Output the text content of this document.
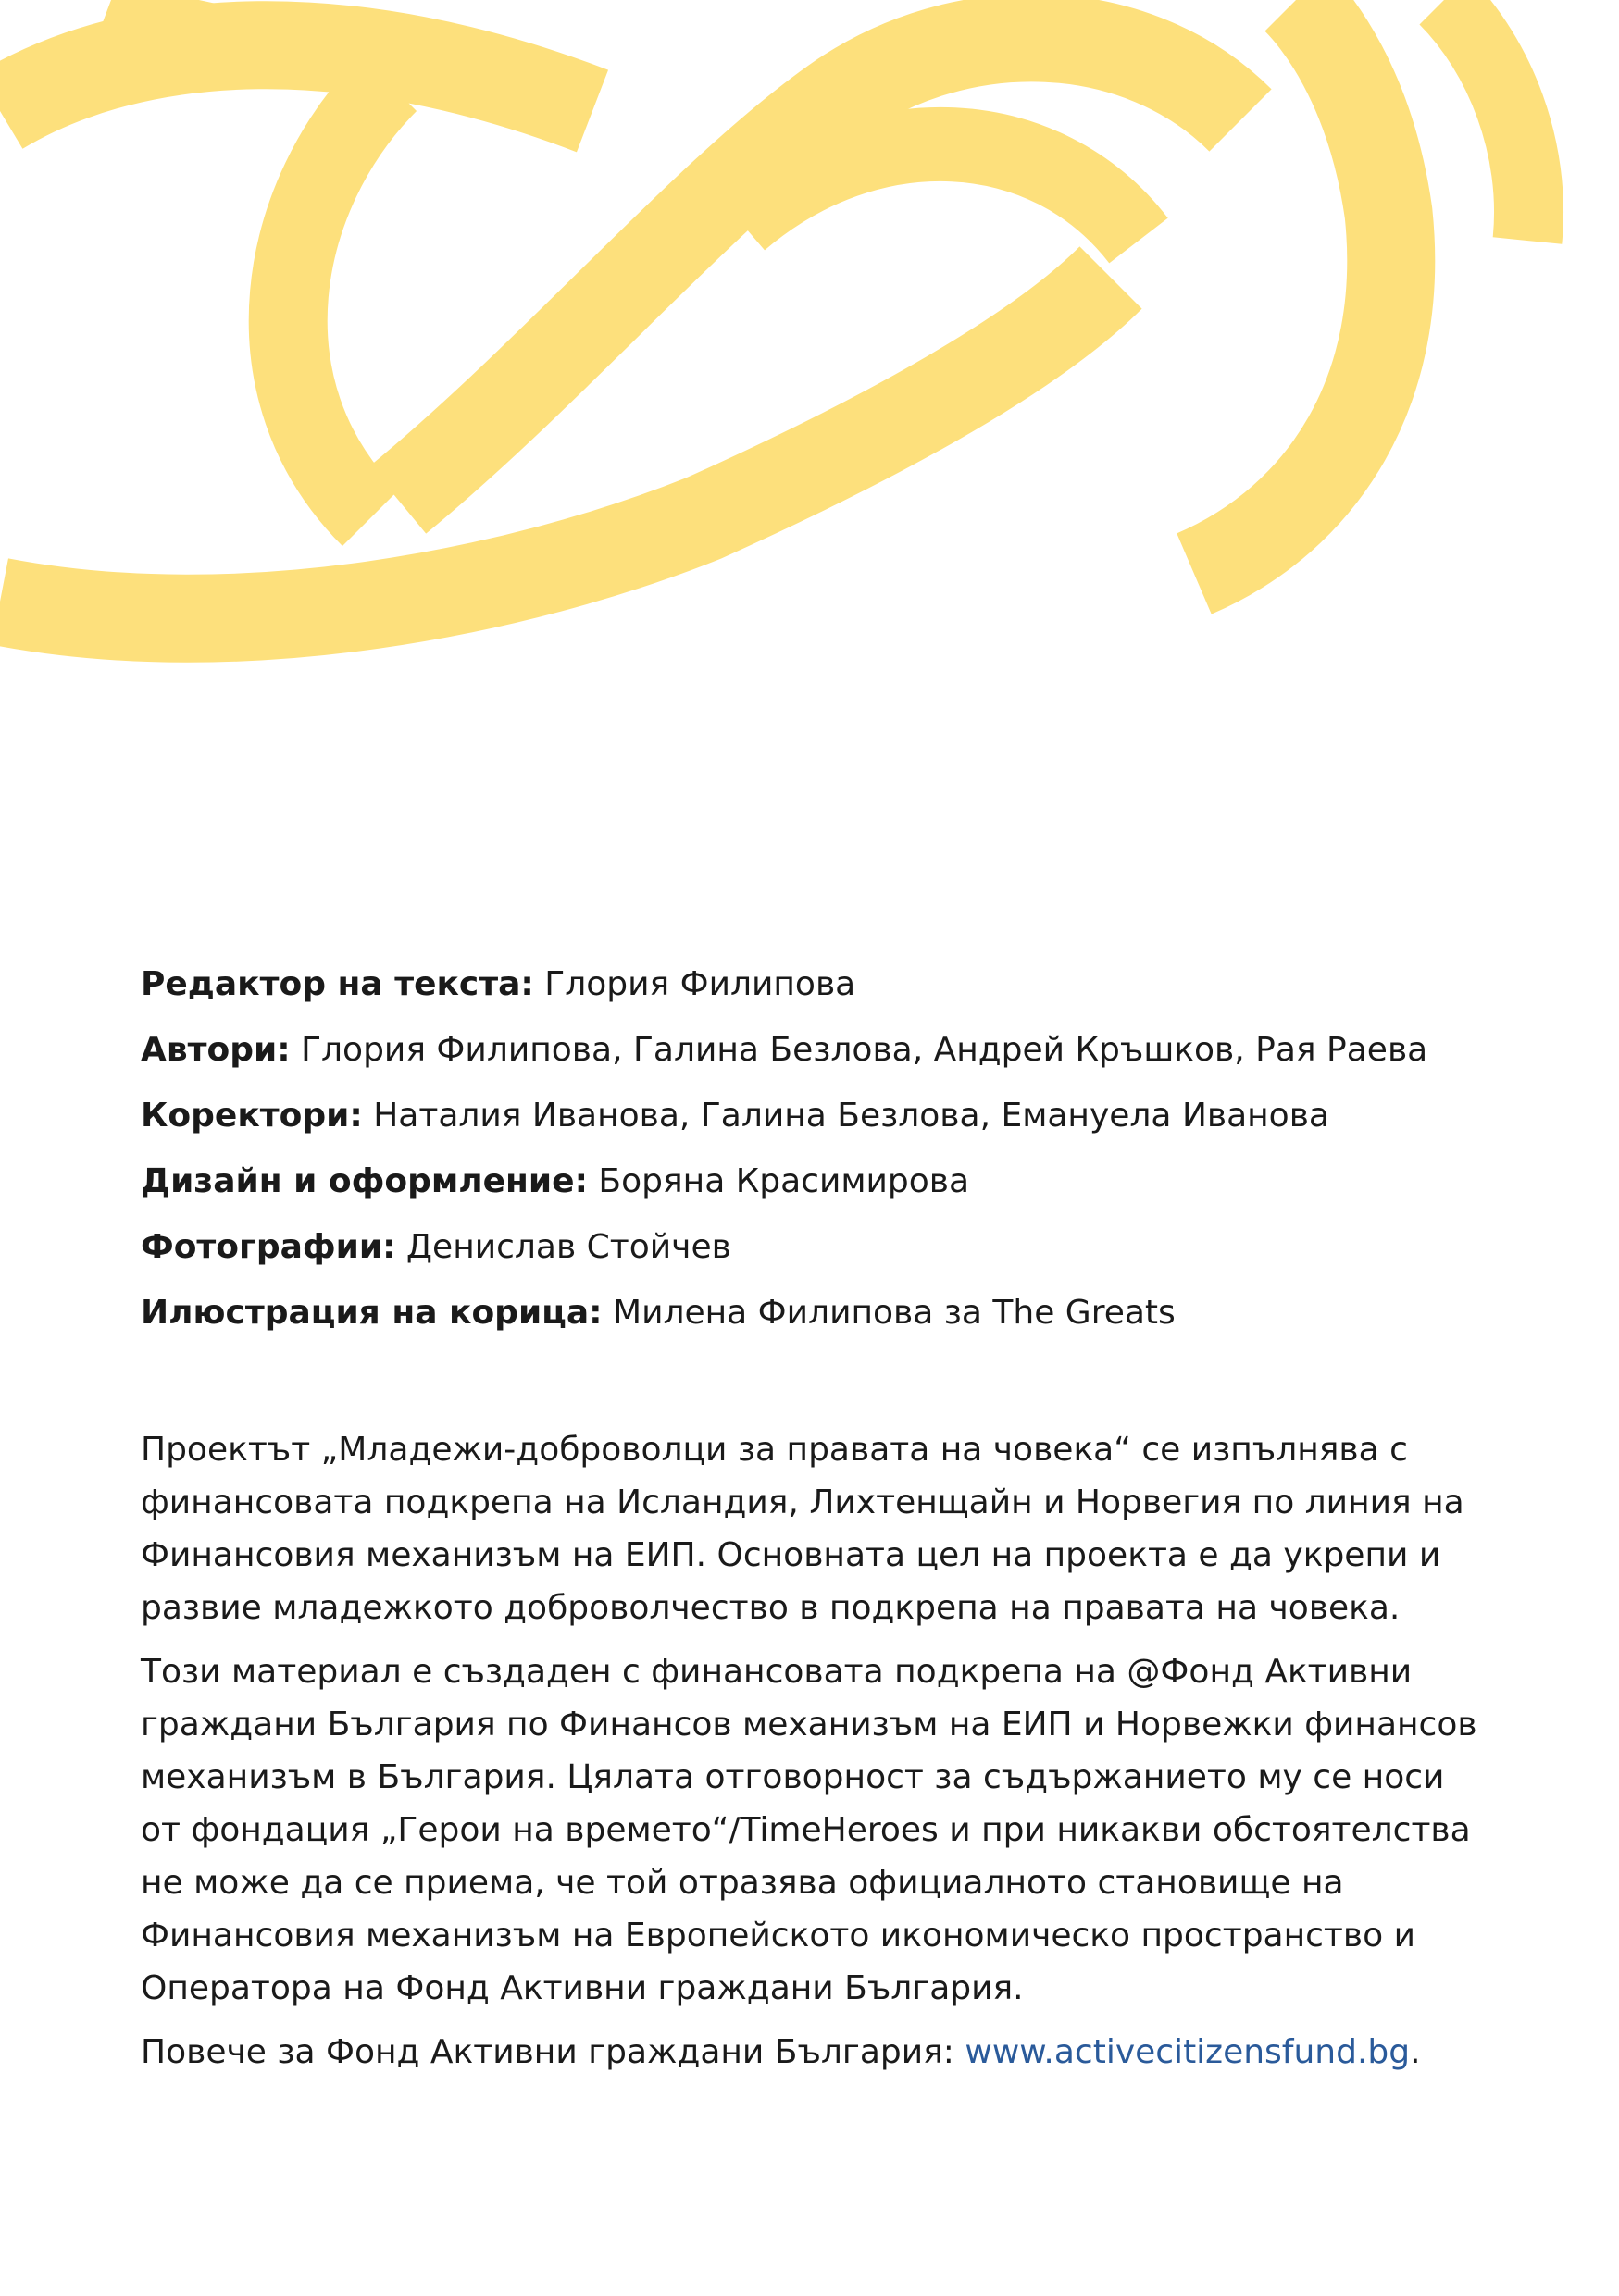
Редактор на текста: Глория Филипова
Автори: Глория Филипова, Галина Безлова, Андрей Кръшков, Рая Раева
Коректори: Наталия Иванова, Галина Безлова, Емануела Иванова
Дизайн и оформление: Боряна Красимирова
Фотографии: Денислав Стойчев
Илюстрация на корица: Милена Филипова за The Greats

Проектът „Младежи-доброволци за правата на човека“ се изпълнява с финансовата подкрепа на Исландия, Лихтенщайн и Норвегия по линия на Финансовия механизъм на ЕИП. Основната цел на проекта е да укрепи и развие младежкото доброволчество в подкрепа на правата на човека.

Този материал е създаден с финансовата подкрепа на @Фонд Активни граждани България по Финансов механизъм на ЕИП и Норвежки финансов механизъм в България. Цялата отговорност за съдържанието му се носи от фондация „Герои на времето“/TimeHeroes и при никакви обстоятелства не може да се приема, че той отразява официалното становище на Финансовия механизъм на Европейското икономическо пространство и Оператора на Фонд Активни граждани България.

Повече за Фонд Активни граждани България: www.activecitizensfund.bg.
